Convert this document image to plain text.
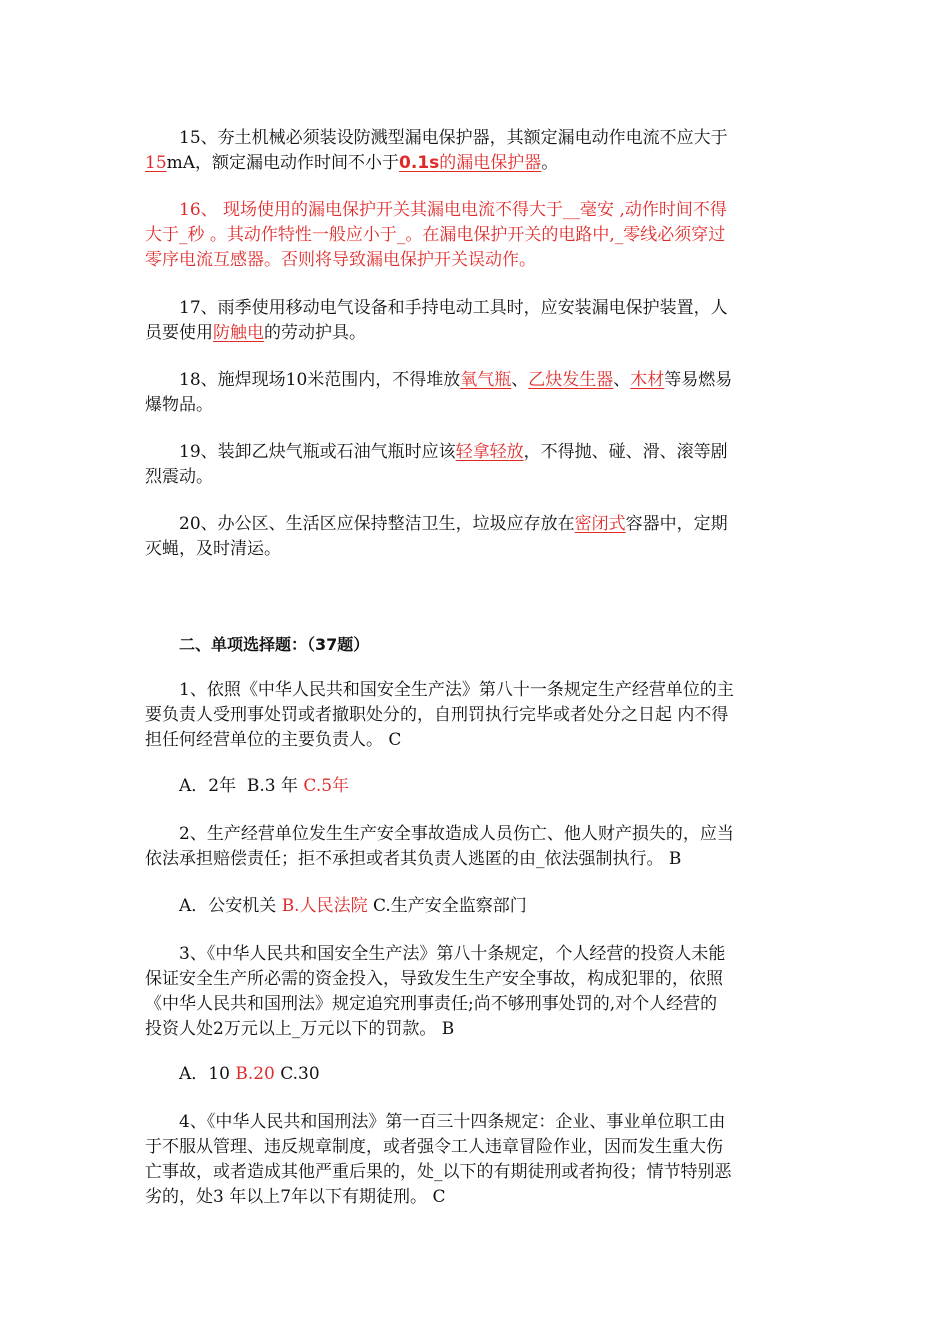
15、夯土机械必须装设防溅型漏电保护器，其额定漏电动作电流不应大于
15mA，额定漏电动作时间不小于0.1s的漏电保护器。
16、 现场使用的漏电保护开关其漏电电流不得大于__毫安 ,动作时间不得
大于_秒 。其动作特性一般应小于_。在漏电保护开关的电路中,_零线必须穿过
零序电流互感器。否则将导致漏电保护开关误动作。
17、雨季使用移动电气设备和手持电动工具时，应安装漏电保护装置，人
员要使用防触电的劳动护具。
18、施焊现场10米范围内，不得堆放氧气瓶、乙炔发生器、木材等易燃易
爆物品。
19、装卸乙炔气瓶或石油气瓶时应该轻拿轻放，不得抛、碰、滑、滚等剧
烈震动。
20、办公区、生活区应保持整洁卫生，垃圾应存放在密闭式容器中，定期
灭蝇，及时清运。
二、单项选择题：（37题）
1、依照《中华人民共和国安全生产法》第八十一条规定生产经营单位的主
要负责人受刑事处罚或者撤职处分的，自刑罚执行完毕或者处分之日起 内不得
担任何经营单位的主要负责人。 C
A．2年  B.3 年 C.5年
2、生产经营单位发生生产安全事故造成人员伤亡、他人财产损失的，应当
依法承担赔偿责任；拒不承担或者其负责人逃匿的由_依法强制执行。 B
A．公安机关 B.人民法院 C.生产安全监察部门
3、《中华人民共和国安全生产法》第八十条规定，个人经营的投资人未能
保证安全生产所必需的资金投入，导致发生生产安全事故，构成犯罪的，依照
《中华人民共和国刑法》规定追究刑事责任;尚不够刑事处罚的,对个人经营的
投资人处2万元以上_万元以下的罚款。 B
A．10 B.20 C.30
4、《中华人民共和国刑法》第一百三十四条规定：企业、事业单位职工由
于不服从管理、违反规章制度，或者强令工人违章冒险作业，因而发生重大伤
亡事故，或者造成其他严重后果的，处_以下的有期徒刑或者拘役；情节特别恶
劣的，处3 年以上7年以下有期徒刑。 C
